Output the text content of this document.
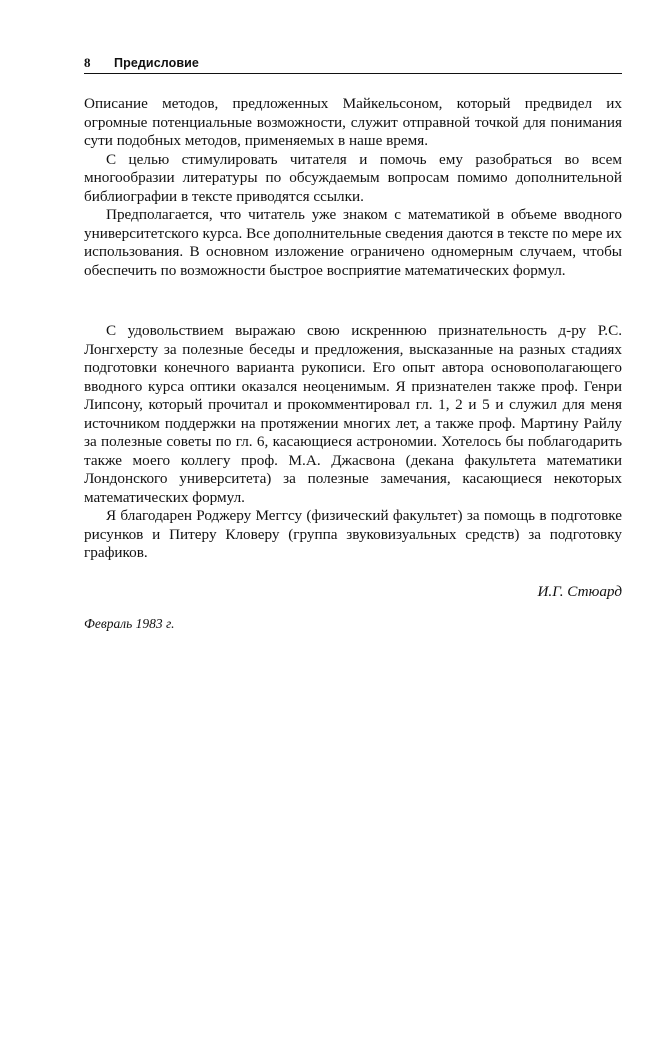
8	Предисловие

Описание методов, предложенных Майкельсоном, который предвидел их огромные потенциальные возможности, служит отправной точкой для понимания сути подобных методов, применяемых в наше время.

С целью стимулировать читателя и помочь ему разобраться во всем многообразии литературы по обсуждаемым вопросам помимо дополнительной библиографии в тексте приводятся ссылки.

Предполагается, что читатель уже знаком с математикой в объеме вводного университетского курса. Все дополнительные сведения даются в тексте по мере их использования. В основном изложение ограничено одномерным случаем, чтобы обеспечить по возможности быстрое восприятие математических формул.

С удовольствием выражаю свою искреннюю признательность д-ру Р.С. Лонгхерсту за полезные беседы и предложения, высказанные на разных стадиях подготовки конечного варианта рукописи. Его опыт автора основополагающего вводного курса оптики оказался неоценимым. Я признателен также проф. Генри Липсону, который прочитал и прокомментировал гл. 1, 2 и 5 и служил для меня источником поддержки на протяжении многих лет, а также проф. Мартину Райлу за полезные советы по гл. 6, касающиеся астрономии. Хотелось бы поблагодарить также моего коллегу проф. М.А. Джасвона (декана факультета математики Лондонского университета) за полезные замечания, касающиеся некоторых математических формул.

Я благодарен Роджеру Меггсу (физический факультет) за помощь в подготовке рисунков и Питеру Кловеру (группа звуковизуальных средств) за подготовку графиков.

И.Г. Стюард
Февраль 1983 г.
